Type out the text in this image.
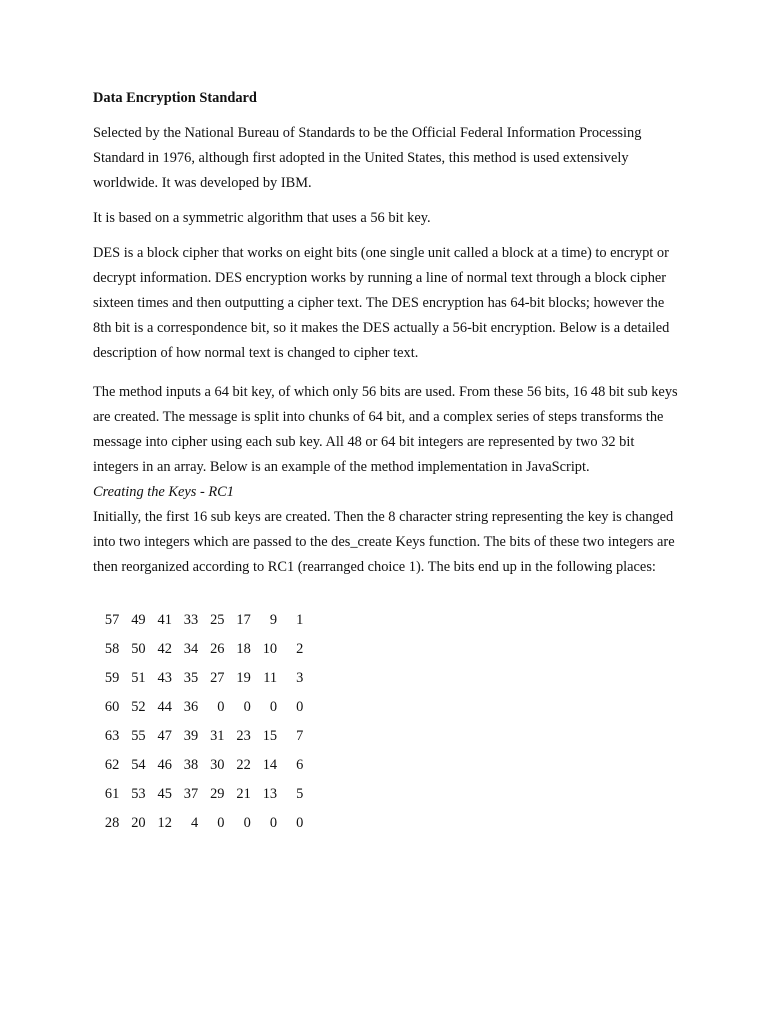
Data Encryption Standard

Selected by the National Bureau of Standards to be the Official Federal Information Processing Standard in 1976, although first adopted in the United States, this method is used extensively worldwide. It was developed by IBM.

It is based on a symmetric algorithm that uses a 56 bit key.

DES is a block cipher that works on eight bits (one single unit called a block at a time) to encrypt or decrypt information. DES encryption works by running a line of normal text through a block cipher sixteen times and then outputting a cipher text. The DES encryption has 64-bit blocks; however the 8th bit is a correspondence bit, so it makes the DES actually a 56-bit encryption. Below is a detailed description of how normal text is changed to cipher text.

The method inputs a 64 bit key, of which only 56 bits are used. From these 56 bits, 16 48 bit sub keys are created. The message is split into chunks of 64 bit, and a complex series of steps transforms the message into cipher using each sub key. All 48 or 64 bit integers are represented by two 32 bit integers in an array. Below is an example of the method implementation in JavaScript.

Creating the Keys - RC1

Initially, the first 16 sub keys are created. Then the 8 character string representing the key is changed into two integers which are passed to the des_create Keys function. The bits of these two integers are then reorganized according to RC1 (rearranged choice 1). The bits end up in the following places:

57	49	41	33	25	17	9	1
58	50	42	34	26	18	10	2
59	51	43	35	27	19	11	3
60	52	44	36	0	0	0	0
63	55	47	39	31	23	15	7
62	54	46	38	30	22	14	6
61	53	45	37	29	21	13	5
28	20	12	4	0	0	0	0
